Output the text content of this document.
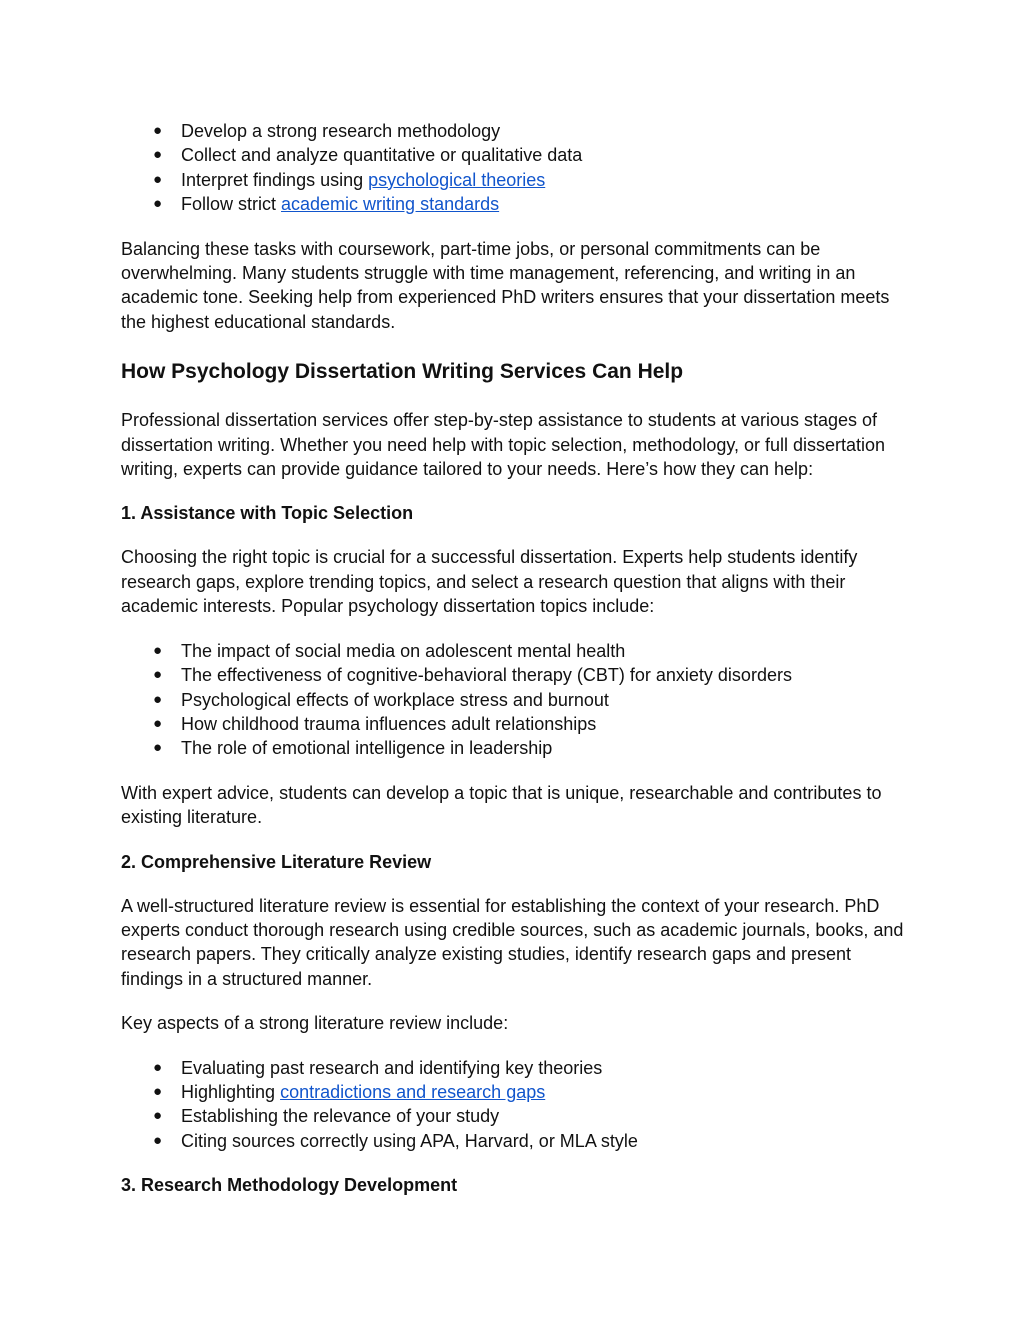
● Develop a strong research methodology
● Collect and analyze quantitative or qualitative data
● Interpret findings using psychological theories
● Follow strict academic writing standards

Balancing these tasks with coursework, part-time jobs, or personal commitments can be overwhelming. Many students struggle with time management, referencing, and writing in an academic tone. Seeking help from experienced PhD writers ensures that your dissertation meets the highest educational standards.

How Psychology Dissertation Writing Services Can Help

Professional dissertation services offer step-by-step assistance to students at various stages of dissertation writing. Whether you need help with topic selection, methodology, or full dissertation writing, experts can provide guidance tailored to your needs. Here’s how they can help:

1. Assistance with Topic Selection

Choosing the right topic is crucial for a successful dissertation. Experts help students identify research gaps, explore trending topics, and select a research question that aligns with their academic interests. Popular psychology dissertation topics include:

● The impact of social media on adolescent mental health
● The effectiveness of cognitive-behavioral therapy (CBT) for anxiety disorders
● Psychological effects of workplace stress and burnout
● How childhood trauma influences adult relationships
● The role of emotional intelligence in leadership

With expert advice, students can develop a topic that is unique, researchable and contributes to existing literature.

2. Comprehensive Literature Review

A well-structured literature review is essential for establishing the context of your research. PhD experts conduct thorough research using credible sources, such as academic journals, books, and research papers. They critically analyze existing studies, identify research gaps and present findings in a structured manner.

Key aspects of a strong literature review include:

● Evaluating past research and identifying key theories
● Highlighting contradictions and research gaps
● Establishing the relevance of your study
● Citing sources correctly using APA, Harvard, or MLA style
3. Research Methodology Development
